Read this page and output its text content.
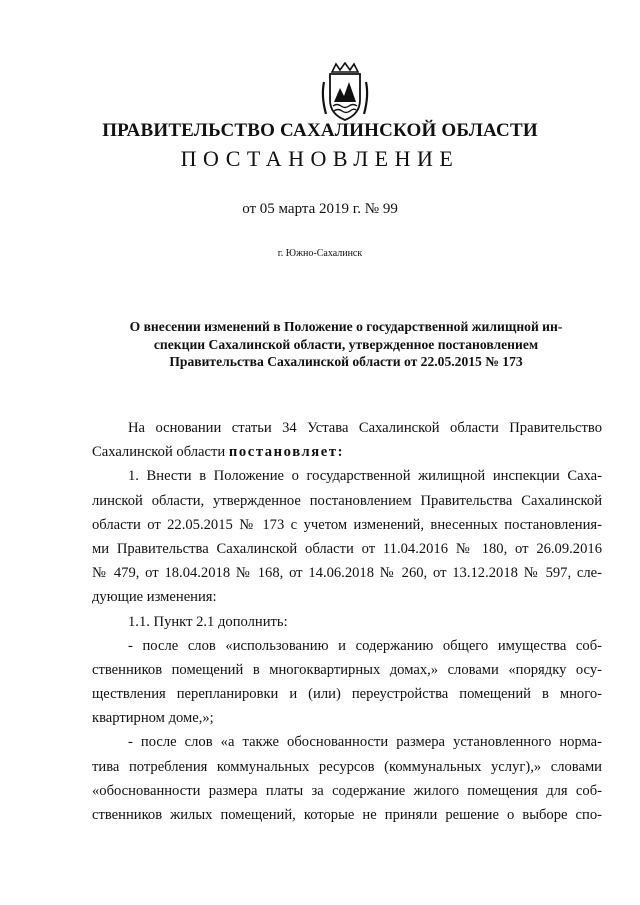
ПРАВИТЕЛЬСТВО САХАЛИНСКОЙ ОБЛАСТИ
ПОСТАНОВЛЕНИЕ
от 05 марта 2019 г. № 99
г. Южно-Сахалинск
О внесении изменений в Положение о государственной жилищной ин-
спекции Сахалинской области, утвержденное постановлением
Правительства Сахалинской области от 22.05.2015 № 173
На основании статьи 34 Устава Сахалинской области Правительство
Сахалинской области постановляет:
1. Внести в Положение о государственной жилищной инспекции Саха-
линской области, утвержденное постановлением Правительства Сахалинской
области от 22.05.2015 № 173 с учетом изменений, внесенных постановления-
ми Правительства Сахалинской области от 11.04.2016 № 180, от 26.09.2016
№ 479, от 18.04.2018 № 168, от 14.06.2018 № 260, от 13.12.2018 № 597, сле-
дующие изменения:
1.1. Пункт 2.1 дополнить:
- после слов «использованию и содержанию общего имущества соб-
ственников помещений в многоквартирных домах,» словами «порядку осу-
ществления перепланировки и (или) переустройства помещений в много-
квартирном доме,»;
- после слов «а также обоснованности размера установленного норма-
тива потребления коммунальных ресурсов (коммунальных услуг),» словами
«обоснованности размера платы за содержание жилого помещения для соб-
ственников жилых помещений, которые не приняли решение о выборе спо-
